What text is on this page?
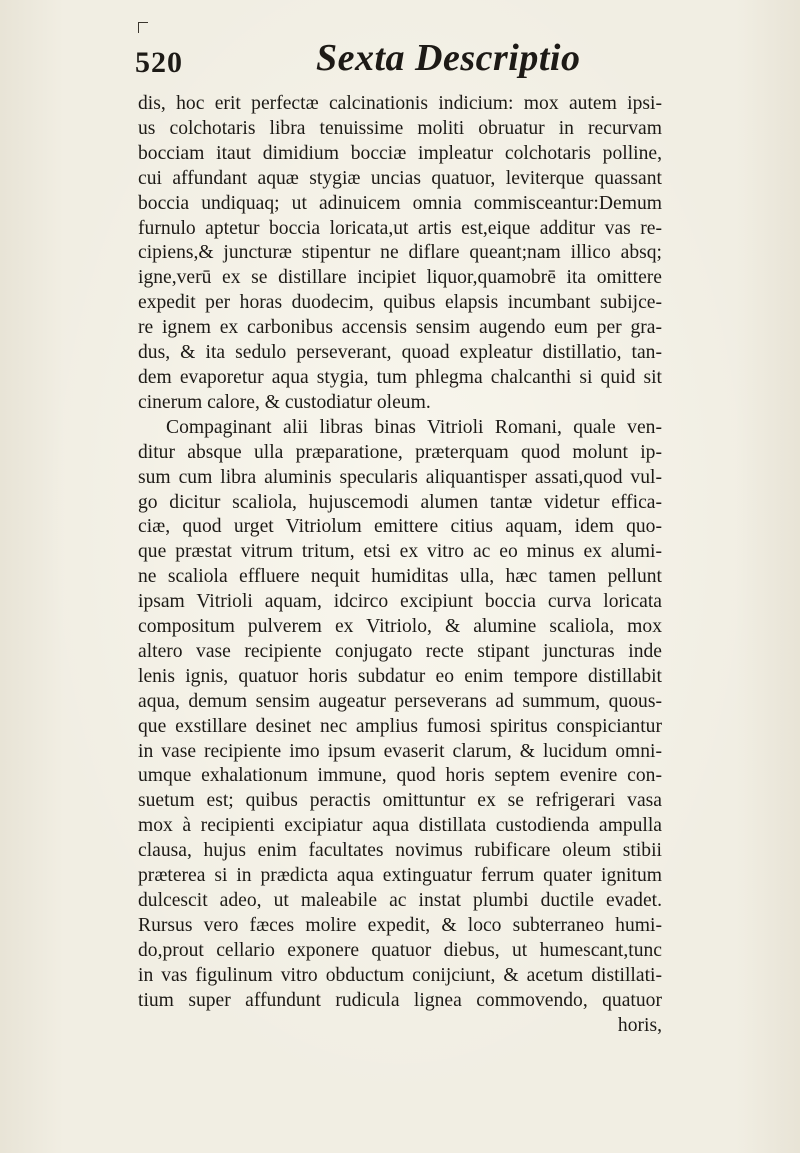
520	Sexta Descriptio
dis, hoc erit perfectæ calcinationis indicium: mox autem ipsi-
us colchotaris libra tenuissime moliti obruatur in recurvam
bocciam itaut dimidium bocciæ impleatur colchotaris polline,
cui affundant aquæ stygiæ uncias quatuor, leviterque quassant
boccia undiquaq; ut adinuicem omnia commisceantur:Demum
furnulo aptetur boccia loricata,ut artis est,eique additur vas re-
cipiens,& juncturæ stipentur ne diflare queant;nam illico absq;
igne,verū ex se distillare incipiet liquor,quamobrē ita omittere
expedit per horas duodecim, quibus elapsis incumbant subijce-
re ignem ex carbonibus accensis sensim augendo eum per gra-
dus, & ita sedulo perseverant, quoad expleatur distillatio, tan-
dem evaporetur aqua stygia, tum phlegma chalcanthi si quid sit
cinerum calore, & custodiatur oleum.
Compaginant alii libras binas Vitrioli Romani, quale ven-
ditur absque ulla præparatione, præterquam quod molunt ip-
sum cum libra aluminis specularis aliquantisper assati,quod vul-
go dicitur scaliola, hujuscemodi alumen tantæ videtur effica-
ciæ, quod urget Vitriolum emittere citius aquam, idem quo-
que præstat vitrum tritum, etsi ex vitro ac eo minus ex alumi-
ne scaliola effluere nequit humiditas ulla, hæc tamen pellunt
ipsam Vitrioli aquam, idcirco excipiunt boccia curva loricata
compositum pulverem ex Vitriolo, & alumine scaliola, mox
altero vase recipiente conjugato recte stipant juncturas inde
lenis ignis, quatuor horis subdatur eo enim tempore distillabit
aqua, demum sensim augeatur perseverans ad summum, quous-
que exstillare desinet nec amplius fumosi spiritus conspiciantur
in vase recipiente imo ipsum evaserit clarum, & lucidum omni-
umque exhalationum immune, quod horis septem evenire con-
suetum est; quibus peractis omittuntur ex se refrigerari vasa
mox à recipienti excipiatur aqua distillata custodienda ampulla
clausa, hujus enim facultates novimus rubificare oleum stibii
præterea si in prædicta aqua extinguatur ferrum quater ignitum
dulcescit adeo, ut maleabile ac instat plumbi ductile evadet.
Rursus vero fæces molire expedit, & loco subterraneo humi-
do,prout cellario exponere quatuor diebus, ut humescant,tunc
in vas figulinum vitro obductum conijciunt, & acetum distillati-
tium super affundunt rudicula lignea commovendo, quatuor
horis,
